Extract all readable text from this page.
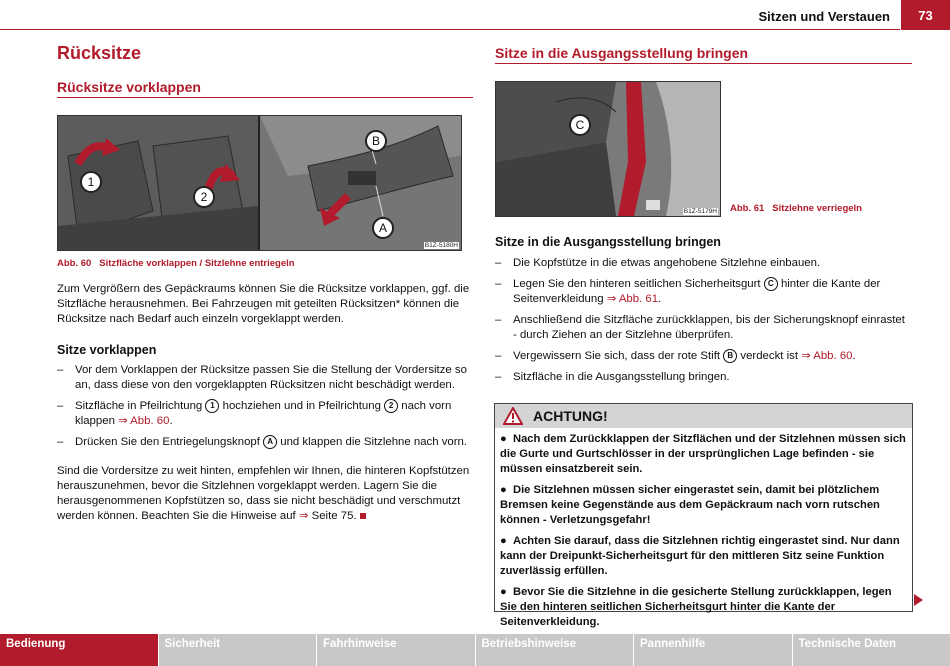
Sitzen und Verstauen	73
Rücksitze
Rücksitze vorklappen
1
2
B
A
B1Z-5180H
Abb. 60 Sitzfläche vorklappen / Sitzlehne entriegeln
Zum Vergrößern des Gepäckraums können Sie die Rücksitze vorklappen, ggf. die Sitzfläche herausnehmen. Bei Fahrzeugen mit geteilten Rücksitzen* können die Rücksitze nach Bedarf auch einzeln vorgeklappt werden.
Sitze vorklappen
– Vor dem Vorklappen der Rücksitze passen Sie die Stellung der Vordersitze so an, dass diese von den vorgeklappten Rücksitzen nicht beschädigt werden.
– Sitzfläche in Pfeilrichtung 1 hochziehen und in Pfeilrichtung 2 nach vorn klappen ⇒ Abb. 60.
– Drücken Sie den Entriegelungsknopf A und klappen die Sitzlehne nach vorn.
Sind die Vordersitze zu weit hinten, empfehlen wir Ihnen, die hinteren Kopfstützen herauszunehmen, bevor die Sitzlehnen vorgeklappt werden. Lagern Sie die herausgenommenen Kopfstützen so, dass sie nicht beschädigt und verschmutzt werden können. Beachten Sie die Hinweise auf ⇒ Seite 75.
Sitze in die Ausgangsstellung bringen
C
B1Z-5179H Abb. 61 Sitzlehne verriegeln
Sitze in die Ausgangsstellung bringen
– Die Kopfstütze in die etwas angehobene Sitzlehne einbauen.
– Legen Sie den hinteren seitlichen Sicherheitsgurt C hinter die Kante der Seitenverkleidung ⇒ Abb. 61.
– Anschließend die Sitzfläche zurückklappen, bis der Sicherungsknopf einrastet - durch Ziehen an der Sitzlehne überprüfen.
– Vergewissern Sie sich, dass der rote Stift B verdeckt ist ⇒ Abb. 60.
– Sitzfläche in die Ausgangsstellung bringen.
ACHTUNG!

●  Nach dem Zurückklappen der Sitzflächen und der Sitzlehnen müssen sich die Gurte und Gurtschlösser in der ursprünglichen Lage befinden - sie müssen einsatzbereit sein.

●  Die Sitzlehnen müssen sicher eingerastet sein, damit bei plötzlichem Bremsen keine Gegenstände aus dem Gepäckraum nach vorn rutschen können - Verletzungsgefahr!

●  Achten Sie darauf, dass die Sitzlehnen richtig eingerastet sind. Nur dann kann der Dreipunkt-Sicherheitsgurt für den mittleren Sitz seine Funktion zuverlässig erfüllen.

●  Bevor Sie die Sitzlehne in die gesicherte Stellung zurückklappen, legen Sie den hinteren seitlichen Sicherheitsgurt hinter die Kante der Seitenverkleidung.

Bedienung	Sicherheit	Fahrhinweise	Betriebshinweise	Pannenhilfe	Technische Daten
